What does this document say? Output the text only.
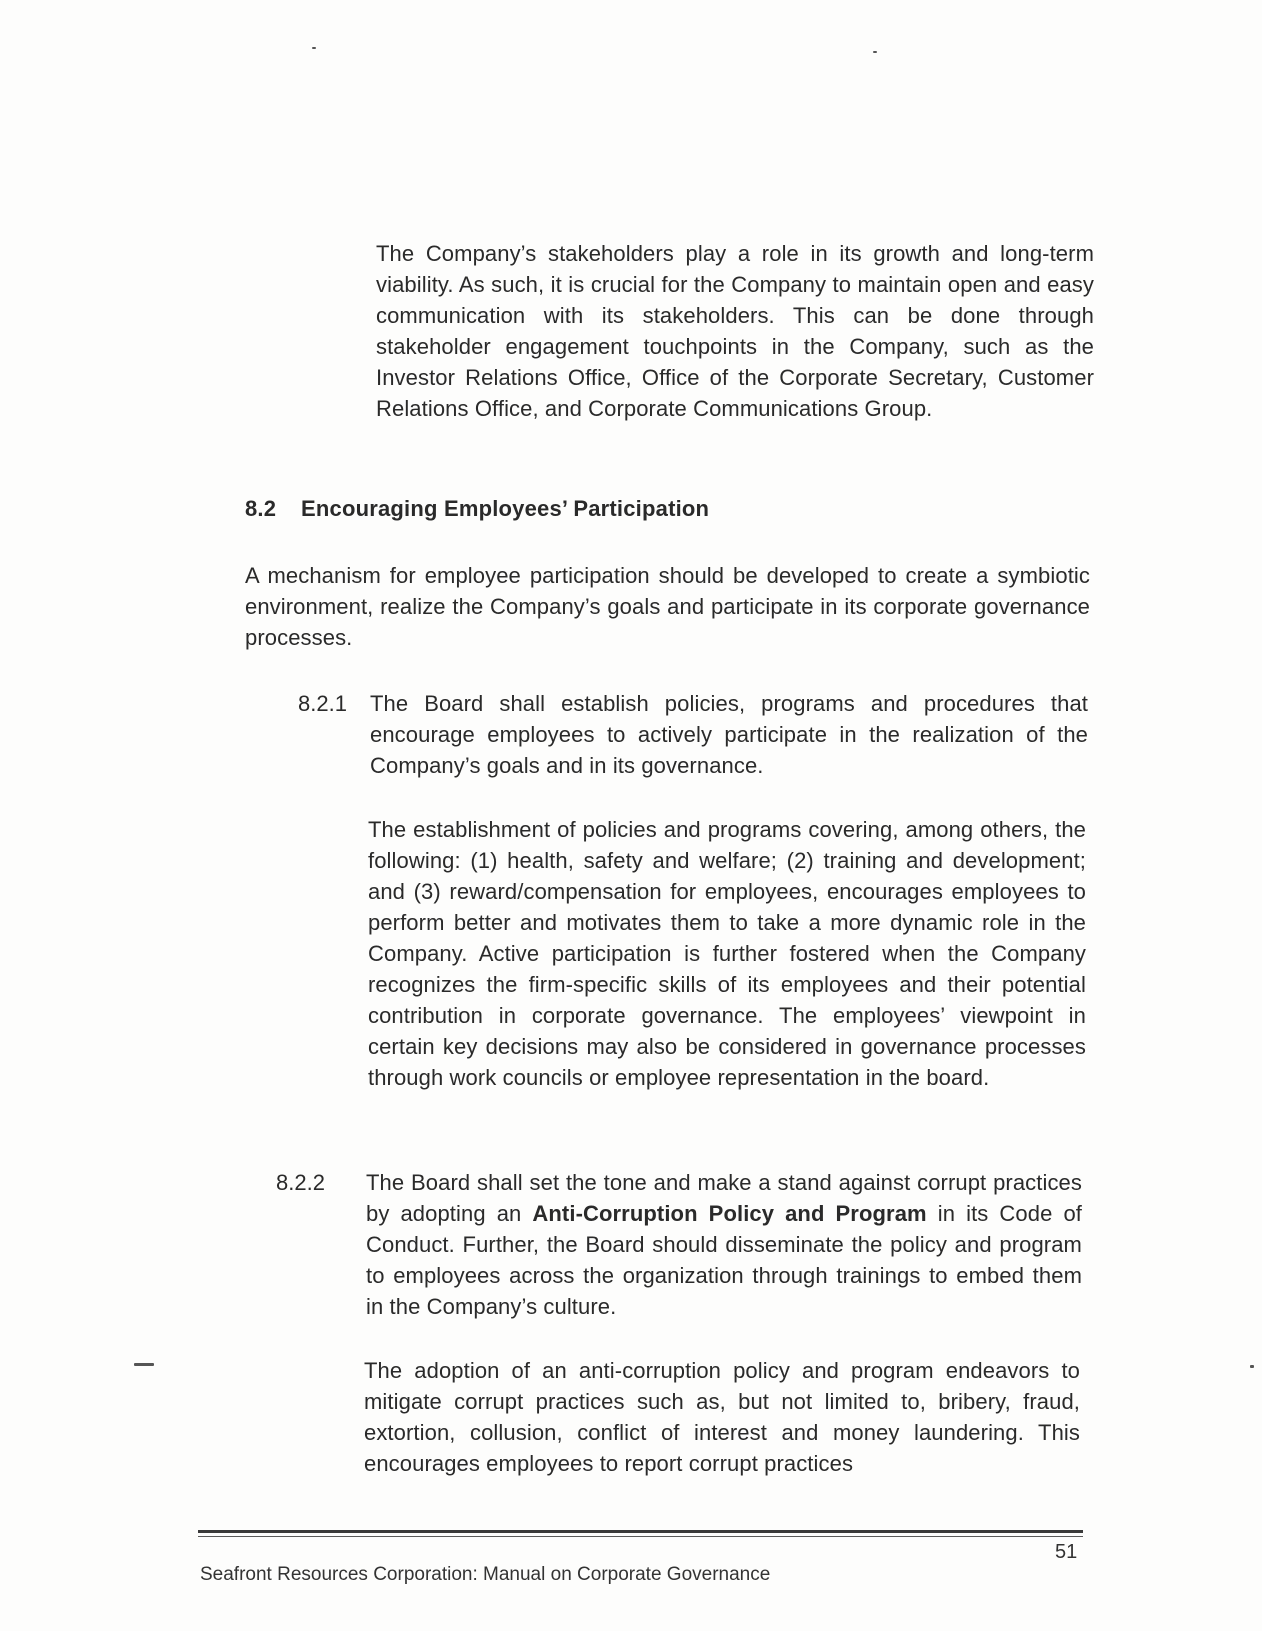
The Company’s stakeholders play a role in its growth and long-term viability. As such, it is crucial for the Company to maintain open and easy communication with its stakeholders. This can be done through stakeholder engagement touchpoints in the Company, such as the Investor Relations Office, Office of the Corporate Secretary, Customer Relations Office, and Corporate Communications Group.

8.2 Encouraging Employees’ Participation

A mechanism for employee participation should be developed to create a symbiotic environment, realize the Company’s goals and participate in its corporate governance processes.

8.2.1 The Board shall establish policies, programs and procedures that encourage employees to actively participate in the realization of the Company’s goals and in its governance.

The establishment of policies and programs covering, among others, the following: (1) health, safety and welfare; (2) training and development; and (3) reward/compensation for employees, encourages employees to perform better and motivates them to take a more dynamic role in the Company. Active participation is further fostered when the Company recognizes the firm-specific skills of its employees and their potential contribution in corporate governance. The employees’ viewpoint in certain key decisions may also be considered in governance processes through work councils or employee representation in the board.

8.2.2 The Board shall set the tone and make a stand against corrupt practices by adopting an Anti-Corruption Policy and Program in its Code of Conduct. Further, the Board should disseminate the policy and program to employees across the organization through trainings to embed them in the Company’s culture.

The adoption of an anti-corruption policy and program endeavors to mitigate corrupt practices such as, but not limited to, bribery, fraud, extortion, collusion, conflict of interest and money laundering. This encourages employees to report corrupt practices

51
Seafront Resources Corporation: Manual on Corporate Governance
